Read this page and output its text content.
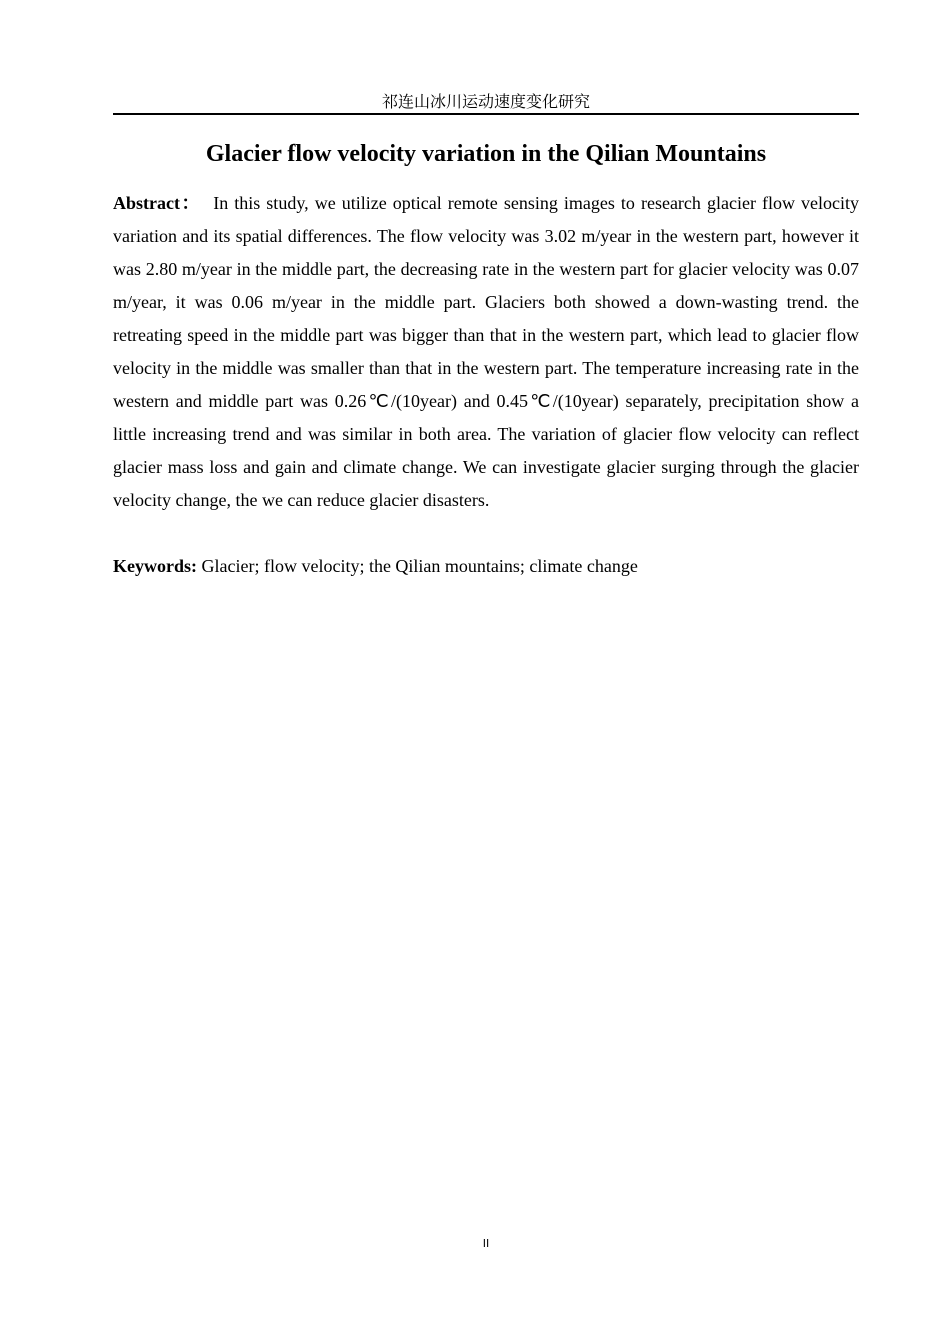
祁连山冰川运动速度变化研究
Glacier flow velocity variation in the Qilian Mountains

Abstract： In this study, we utilize optical remote sensing images to research glacier flow velocity variation and its spatial differences. The flow velocity was 3.02 m/year in the western part, however it was 2.80 m/year in the middle part, the decreasing rate in the western part for glacier velocity was 0.07 m/year, it was 0.06 m/year in the middle part. Glaciers both showed a down-wasting trend. the retreating speed in the middle part was bigger than that in the western part, which lead to glacier flow velocity in the middle was smaller than that in the western part. The temperature increasing rate in the western and middle part was 0.26℃/(10year) and 0.45℃/(10year) separately, precipitation show a little increasing trend and was similar in both area. The variation of glacier flow velocity can reflect glacier mass loss and gain and climate change. We can investigate glacier surging through the glacier velocity change, the we can reduce glacier disasters.

Keywords: Glacier; flow velocity; the Qilian mountains; climate change

II
